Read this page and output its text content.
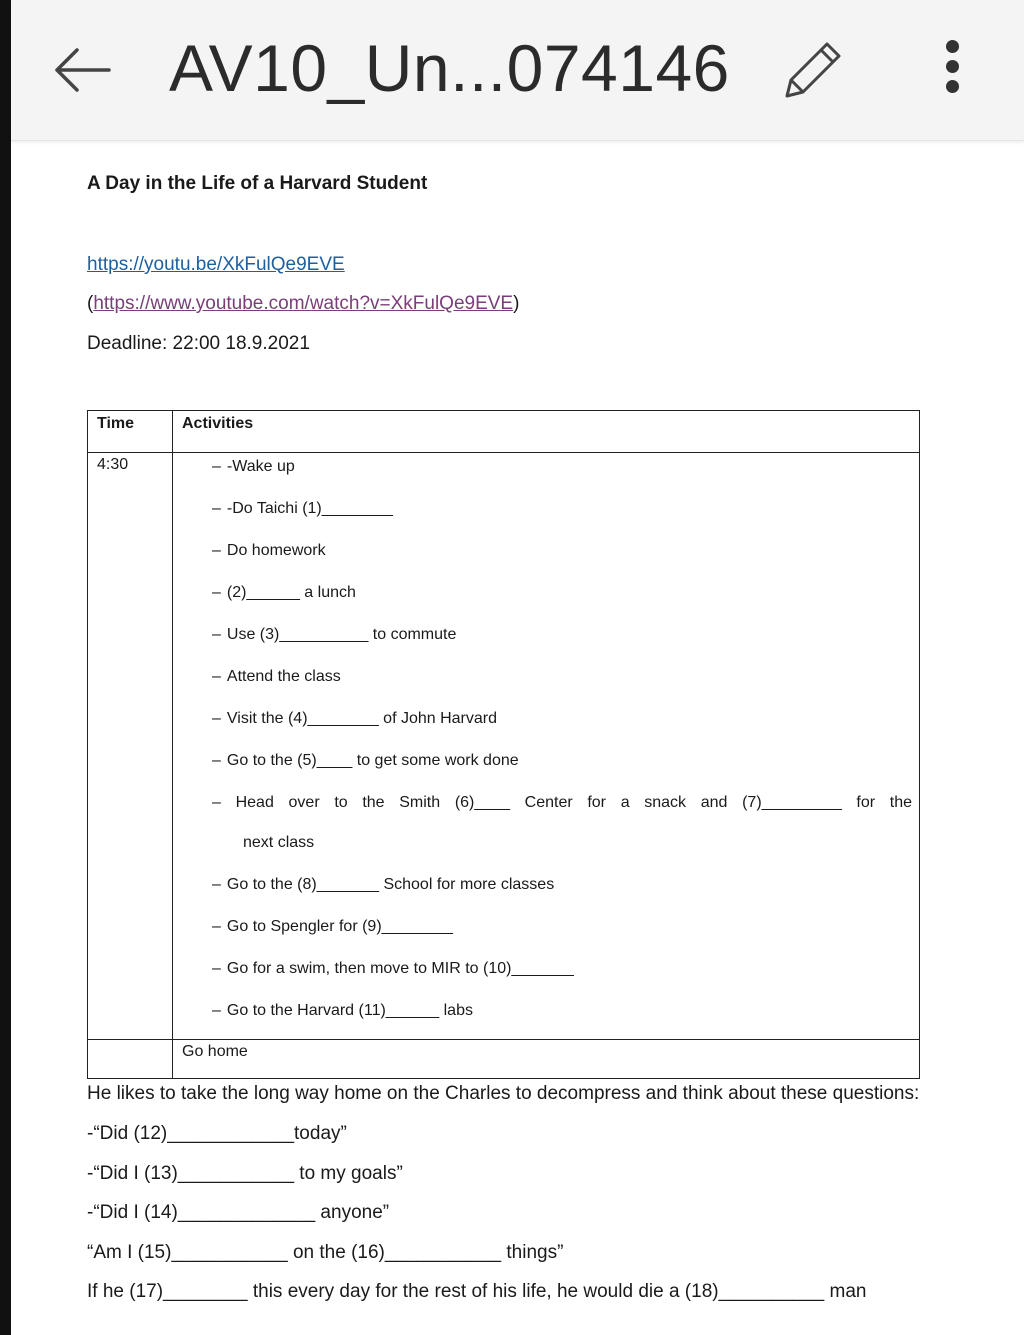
AV10_Un...074146
A Day in the Life of a Harvard Student
https://youtu.be/XkFulQe9EVE
(https://www.youtube.com/watch?v=XkFulQe9EVE)
Deadline: 22:00 18.9.2021
Time	Activities
4:30	– -Wake up
– -Do Taichi (1)________
– Do homework
– (2)______ a lunch
– Use (3)__________ to commute
– Attend the class
– Visit the (4)________ of John Harvard
– Go to the (5)____ to get some work done
– Head over to the Smith (6)____ Center for a snack and (7)_________ for the
next class
– Go to the (8)_______ School for more classes
– Go to Spengler for (9)________
– Go for a swim, then move to MIR to (10)_______
– Go to the Harvard (11)______ labs
Go home
He likes to take the long way home on the Charles to decompress and think about these questions:
-“Did (12)____________today”
-“Did I (13)___________ to my goals”
-“Did I (14)_____________ anyone”
“Am I (15)___________ on the (16)___________ things”
If he (17)________ this every day for the rest of his life, he would die a (18)__________ man
